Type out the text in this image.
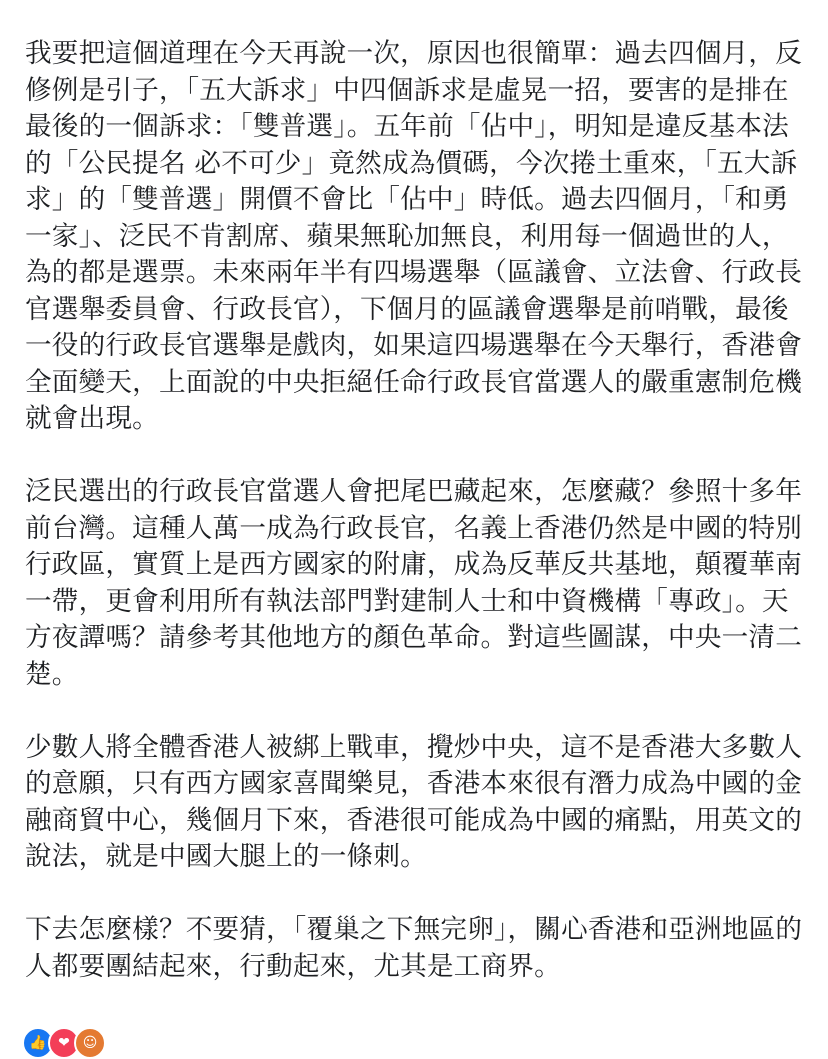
我要把這個道理在今天再說一次，原因也很簡單：過去四個月，反修例是引子，「五大訴求」中四個訴求是虛晃一招，要害的是排在最後的一個訴求：「雙普選」。五年前「佔中」，明知是違反基本法的「公民提名 必不可少」竟然成為價碼，今次捲土重來，「五大訴求」的「雙普選」開價不會比「佔中」時低。過去四個月，「和勇一家」、泛民不肯割席、蘋果無恥加無良，利用每一個過世的人，為的都是選票。未來兩年半有四場選舉（區議會、立法會、行政長官選舉委員會、行政長官），下個月的區議會選舉是前哨戰，最後一役的行政長官選舉是戲肉，如果這四場選舉在今天舉行，香港會全面變天，上面說的中央拒絕任命行政長官當選人的嚴重憲制危機就會出現。

泛民選出的行政長官當選人會把尾巴藏起來，怎麼藏？參照十多年前台灣。這種人萬一成為行政長官，名義上香港仍然是中國的特別行政區，實質上是西方國家的附庸，成為反華反共基地，顛覆華南一帶，更會利用所有執法部門對建制人士和中資機構「專政」。天方夜譚嗎？請參考其他地方的顏色革命。對這些圖謀，中央一清二楚。

少數人將全體香港人被綁上戰車，攪炒中央，這不是香港大多數人的意願，只有西方國家喜聞樂見，香港本來很有潛力成為中國的金融商貿中心，幾個月下來，香港很可能成為中國的痛點，用英文的說法，就是中國大腿上的一條刺。

下去怎麼樣？不要猜，「覆巢之下無完卵」，關心香港和亞洲地區的人都要團結起來，行動起來，尤其是工商界。

👍 ❤ ☺
